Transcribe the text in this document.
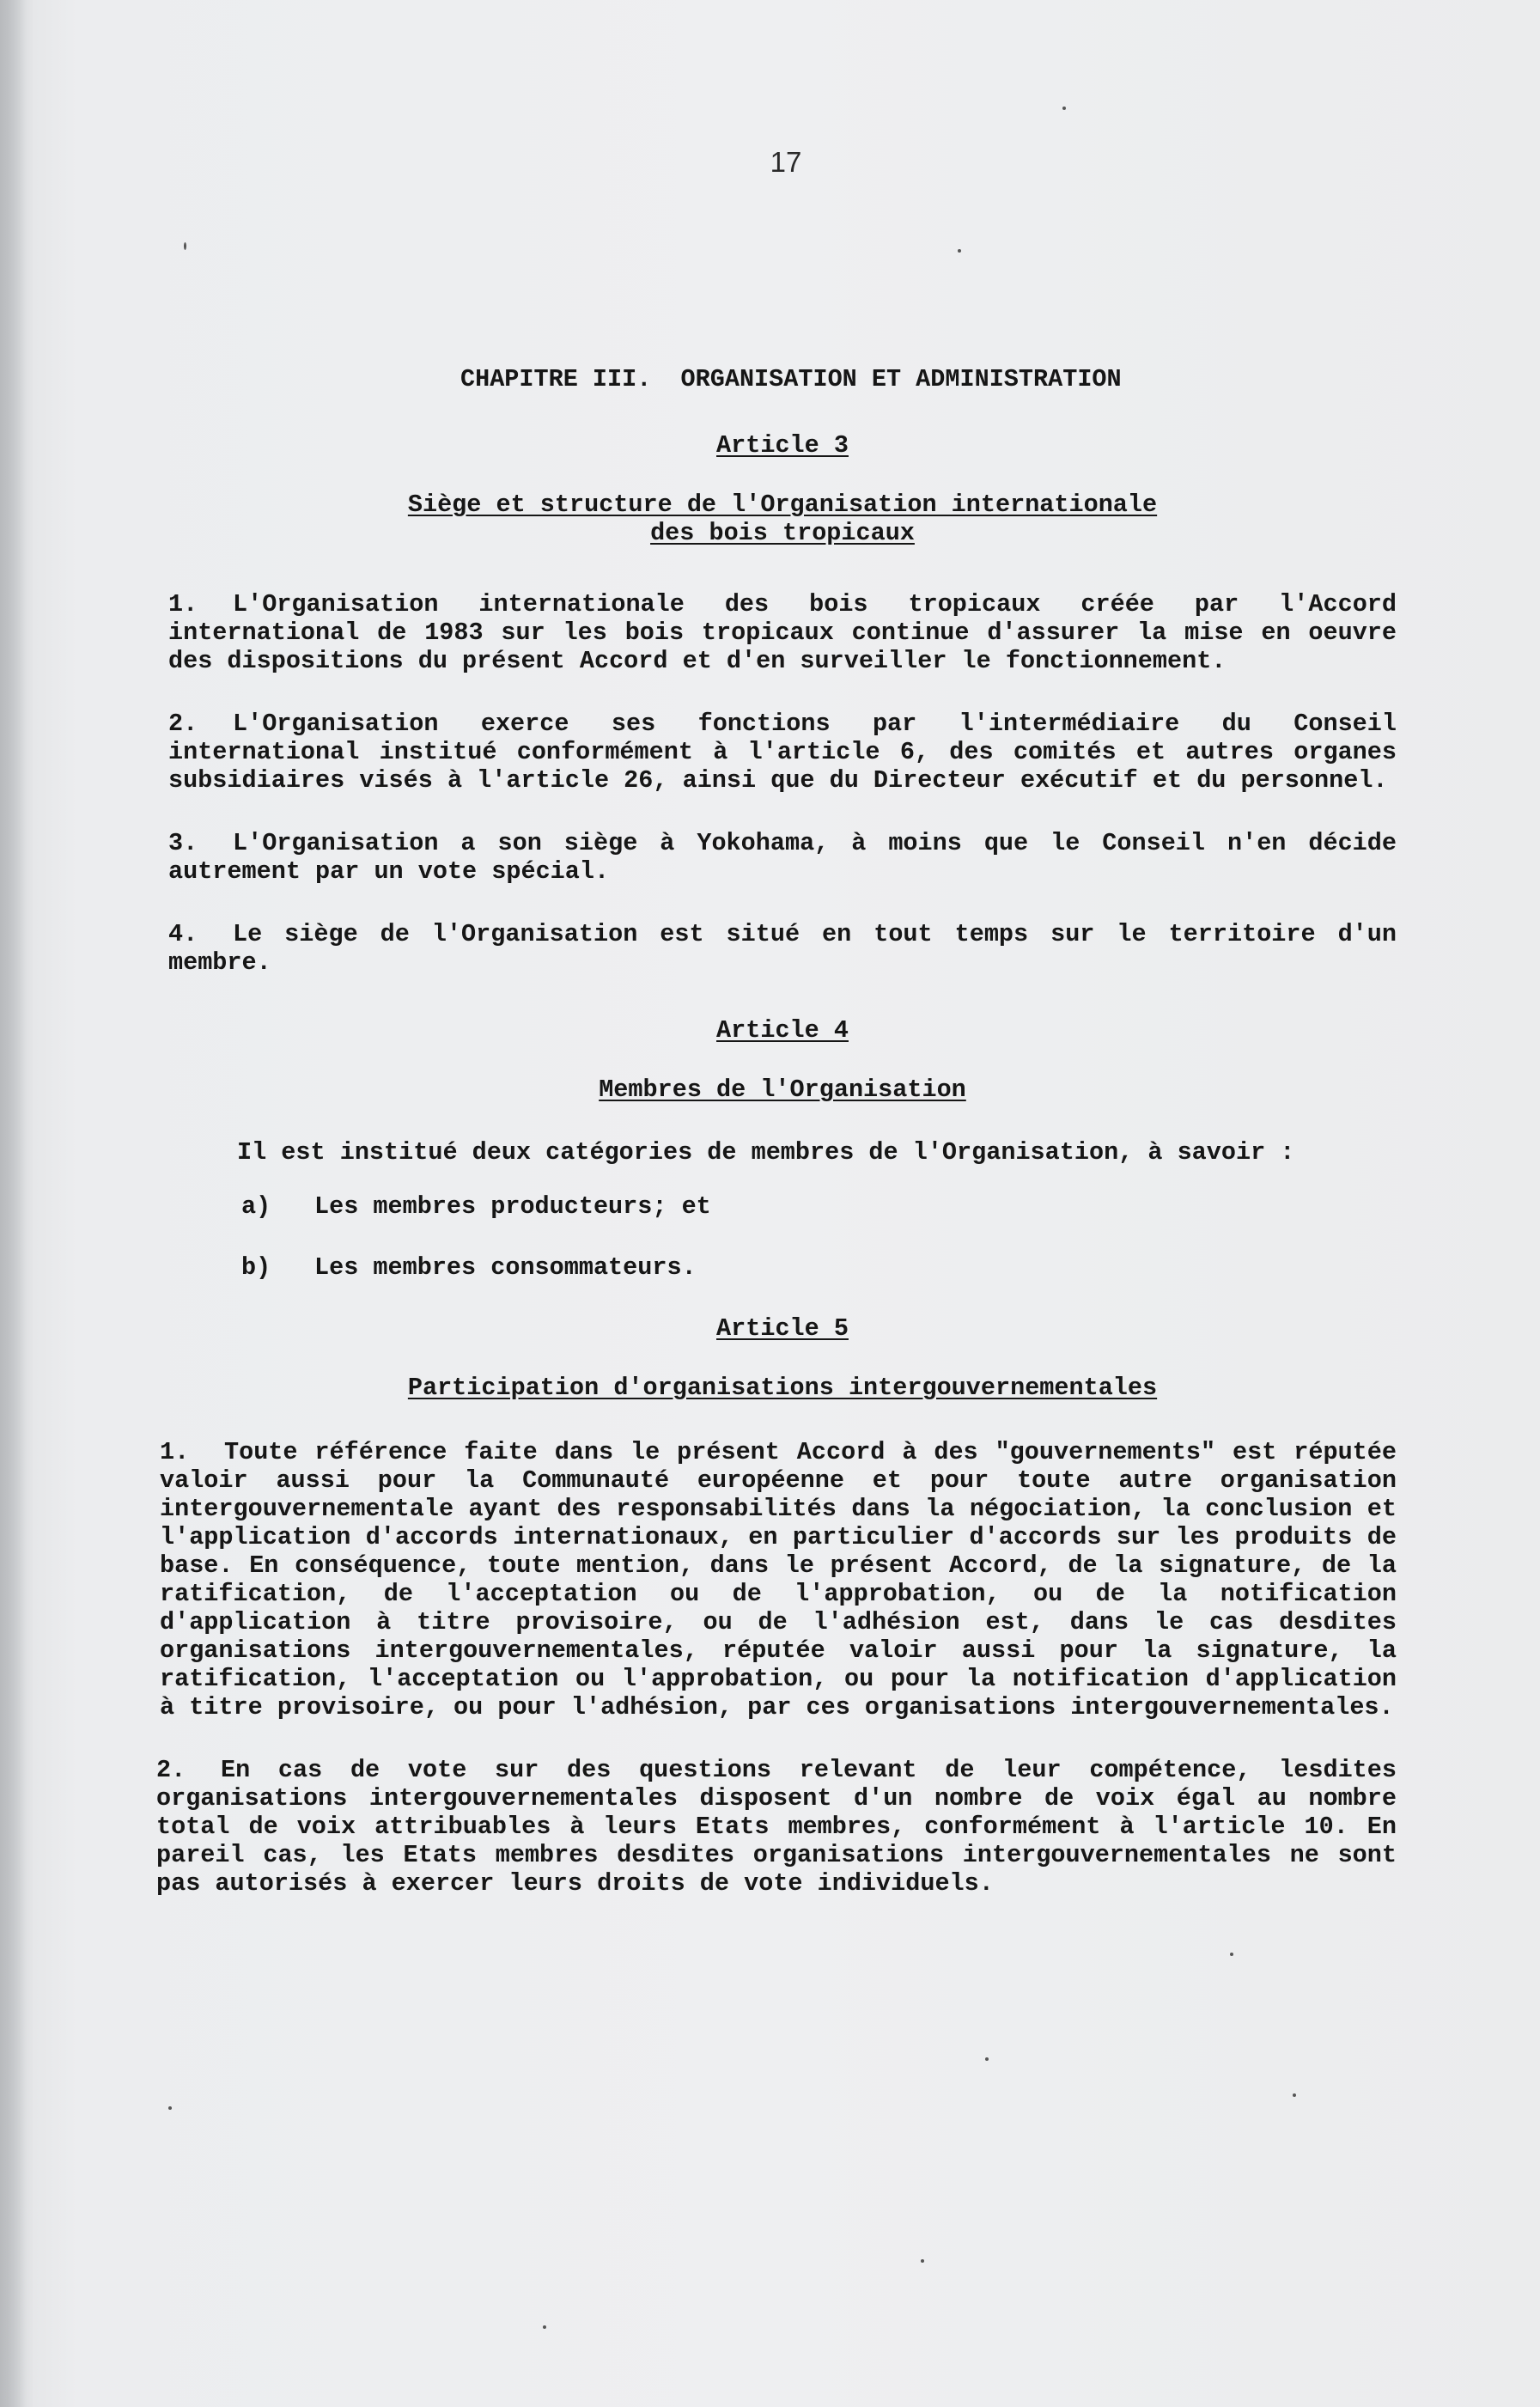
17

CHAPITRE III.  ORGANISATION ET ADMINISTRATION

Article 3

Siège et structure de l'Organisation internationale

des bois tropicaux

1. L'Organisation internationale des bois tropicaux créée par l'Accord international de 1983 sur les bois tropicaux continue d'assurer la mise en oeuvre des dispositions du présent Accord et d'en surveiller le fonctionnement.

2. L'Organisation exerce ses fonctions par l'intermédiaire du Conseil international institué conformément à l'article 6, des comités et autres organes subsidiaires visés à l'article 26, ainsi que du Directeur exécutif et du personnel.

3. L'Organisation a son siège à Yokohama, à moins que le Conseil n'en décide autrement par un vote spécial.

4. Le siège de l'Organisation est situé en tout temps sur le territoire d'un membre.

Article 4

Membres de l'Organisation

Il est institué deux catégories de membres de l'Organisation, à savoir :

a) Les membres producteurs; et

b) Les membres consommateurs.

Article 5

Participation d'organisations intergouvernementales

1. Toute référence faite dans le présent Accord à des "gouvernements" est réputée valoir aussi pour la Communauté européenne et pour toute autre organisation intergouvernementale ayant des responsabilités dans la négociation, la conclusion et l'application d'accords internationaux, en particulier d'accords sur les produits de base. En conséquence, toute mention, dans le présent Accord, de la signature, de la ratification, de l'acceptation ou de l'approbation, ou de la notification d'application à titre provisoire, ou de l'adhésion est, dans le cas desdites organisations intergouvernementales, réputée valoir aussi pour la signature, la ratification, l'acceptation ou l'approbation, ou pour la notification d'application à titre provisoire, ou pour l'adhésion, par ces organisations intergouvernementales.

2. En cas de vote sur des questions relevant de leur compétence, lesdites organisations intergouvernementales disposent d'un nombre de voix égal au nombre total de voix attribuables à leurs Etats membres, conformément à l'article 10. En pareil cas, les Etats membres desdites organisations intergouvernementales ne sont pas autorisés à exercer leurs droits de vote individuels.
